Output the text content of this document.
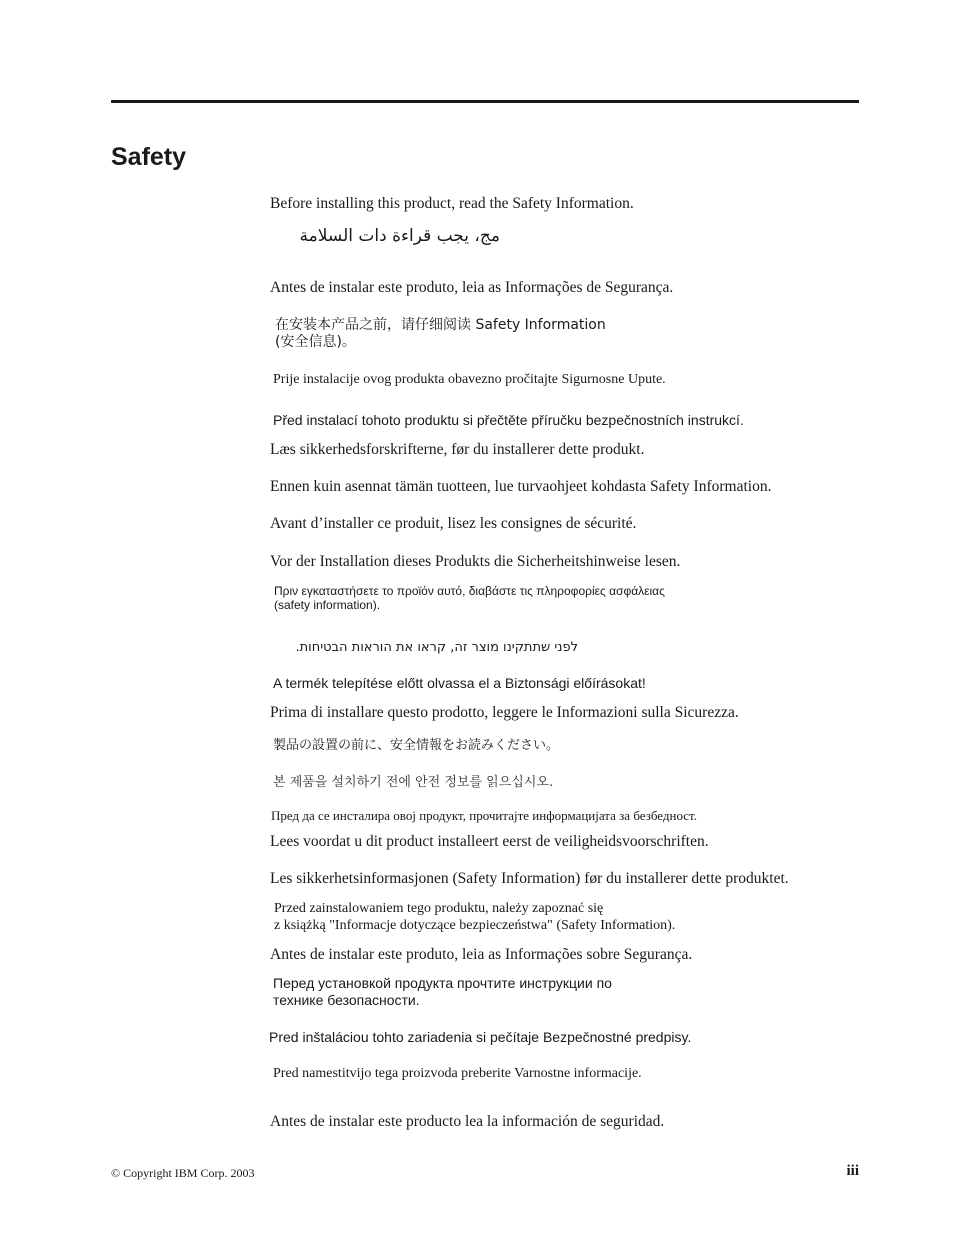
Safety
Before installing this product, read the Safety Information.
مج، يجب قراءة دات السلامة
Antes de instalar este produto, leia as Informações de Segurança.
在安装本产品之前，请仔细阅读 Safety Information
(安全信息)。
Prije instalacije ovog produkta obavezno pročitajte Sigurnosne Upute.
Před instalací tohoto produktu si přečtěte příručku bezpečnostních instrukcí.
Læs sikkerhedsforskrifterne, før du installerer dette produkt.
Ennen kuin asennat tämän tuotteen, lue turvaohjeet kohdasta Safety Information.
Avant d’installer ce produit, lisez les consignes de sécurité.
Vor der Installation dieses Produkts die Sicherheitshinweise lesen.
Πριν εγκαταστήσετε το προϊόν αυτό, διαβάστε τις πληροφορίες ασφάλειας
(safety information).
לפני שתתקינו מוצר זה, קראו את הוראות הבטיחות.
A termék telepítése előtt olvassa el a Biztonsági előírásokat!
Prima di installare questo prodotto, leggere le Informazioni sulla Sicurezza.
製品の設置の前に、安全情報をお読みください。
본 제품을 설치하기 전에 안전 정보를 읽으십시오.
Пред да се инсталира овој продукт, прочитајте информацијата за безбедност.
Lees voordat u dit product installeert eerst de veiligheidsvoorschriften.
Les sikkerhetsinformasjonen (Safety Information) før du installerer dette produktet.
Przed zainstalowaniem tego produktu, należy zapoznać się
z książką "Informacje dotyczące bezpieczeństwa" (Safety Information).
Antes de instalar este produto, leia as Informações sobre Segurança.
Перед установкой продукта прочтите инструкции по
технике безопасности.
Pred inštaláciou tohto zariadenia si pečítaje Bezpečnostné predpisy.
Pred namestitvijo tega proizvoda preberite Varnostne informacije.
Antes de instalar este producto lea la información de seguridad.
© Copyright IBM Corp. 2003	iii
